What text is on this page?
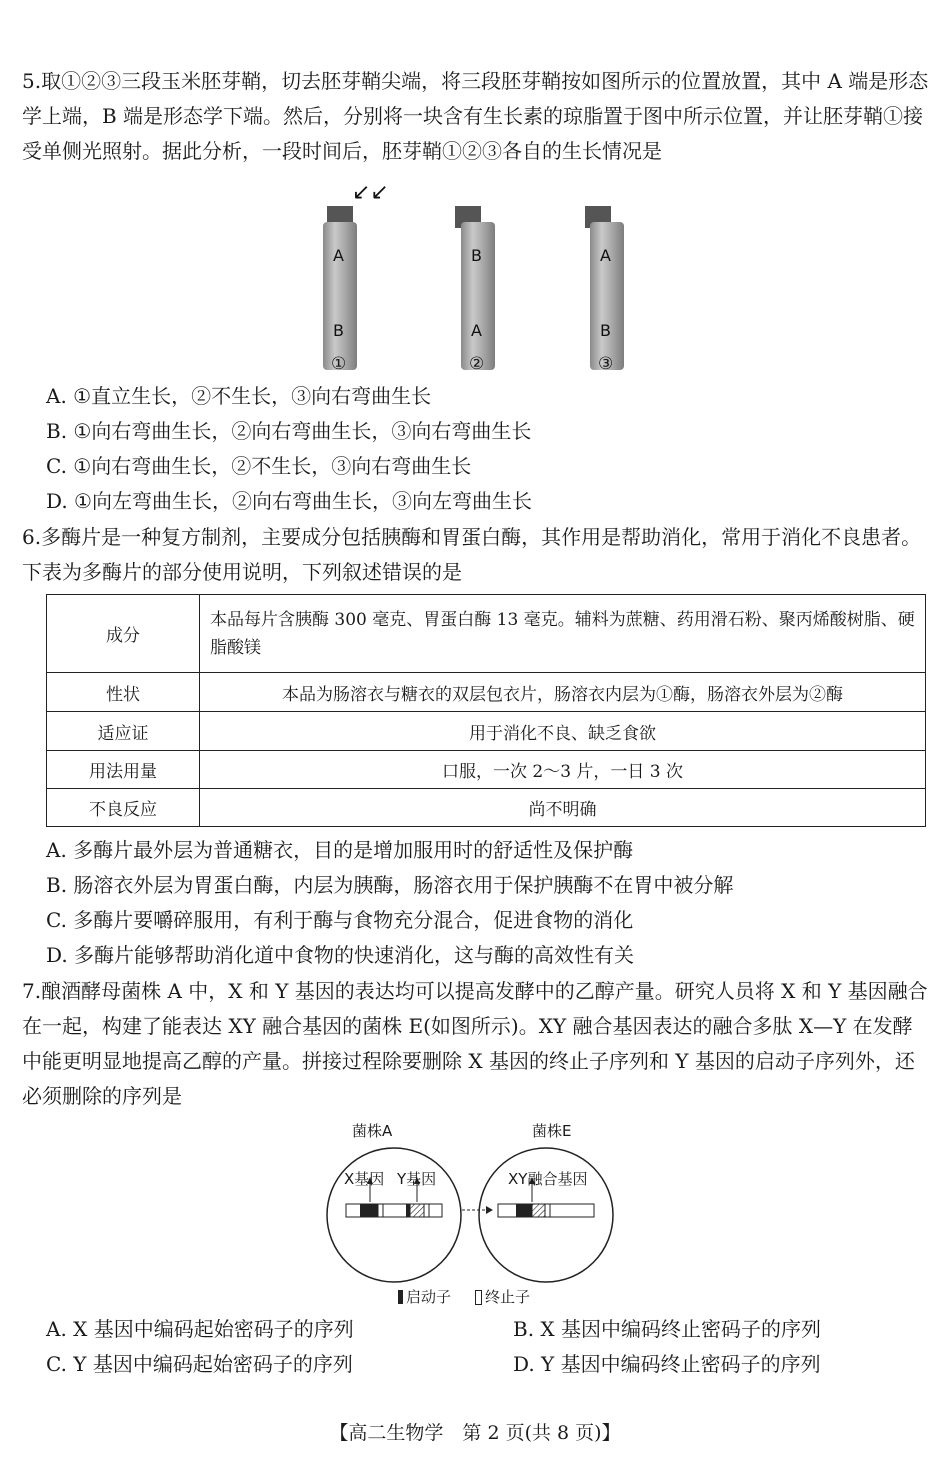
5.取①②③三段玉米胚芽鞘，切去胚芽鞘尖端，将三段胚芽鞘按如图所示的位置放置，其中 A 端是形态学上端，B 端是形态学下端。然后，分别将一块含有生长素的琼脂置于图中所示位置，并让胚芽鞘①接受单侧光照射。据此分析，一段时间后，胚芽鞘①②③各自的生长情况是
↙↙
A
B
①
B
A
②
A
B
③
A. ①直立生长，②不生长，③向右弯曲生长
B. ①向右弯曲生长，②向右弯曲生长，③向右弯曲生长
C. ①向右弯曲生长，②不生长，③向右弯曲生长
D. ①向左弯曲生长，②向右弯曲生长，③向左弯曲生长
6.多酶片是一种复方制剂，主要成分包括胰酶和胃蛋白酶，其作用是帮助消化，常用于消化不良患者。下表为多酶片的部分使用说明，下列叙述错误的是
成分	本品每片含胰酶 300 毫克、胃蛋白酶 13 毫克。辅料为蔗糖、药用滑石粉、聚丙烯酸树脂、硬脂酸镁
性状	本品为肠溶衣与糖衣的双层包衣片，肠溶衣内层为①酶，肠溶衣外层为②酶
适应证	用于消化不良、缺乏食欲
用法用量	口服，一次 2～3 片，一日 3 次
不良反应	尚不明确
A. 多酶片最外层为普通糖衣，目的是增加服用时的舒适性及保护酶
B. 肠溶衣外层为胃蛋白酶，内层为胰酶，肠溶衣用于保护胰酶不在胃中被分解
C. 多酶片要嚼碎服用，有利于酶与食物充分混合，促进食物的消化
D. 多酶片能够帮助消化道中食物的快速消化，这与酶的高效性有关
7.酿酒酵母菌株 A 中，X 和 Y 基因的表达均可以提高发酵中的乙醇产量。研究人员将 X 和 Y 基因融合在一起，构建了能表达 XY 融合基因的菌株 E(如图所示)。XY 融合基因表达的融合多肽 X—Y 在发酵中能更明显地提高乙醇的产量。拼接过程除要删除 X 基因的终止子序列和 Y 基因的启动子序列外，还必须删除的序列是
菌株A	菌株E
X基因 Y基因	XY融合基因
启动子 终止子
A. X 基因中编码起始密码子的序列	B. X 基因中编码终止密码子的序列
C. Y 基因中编码起始密码子的序列	D. Y 基因中编码终止密码子的序列
【高二生物学　第 2 页(共 8 页)】
